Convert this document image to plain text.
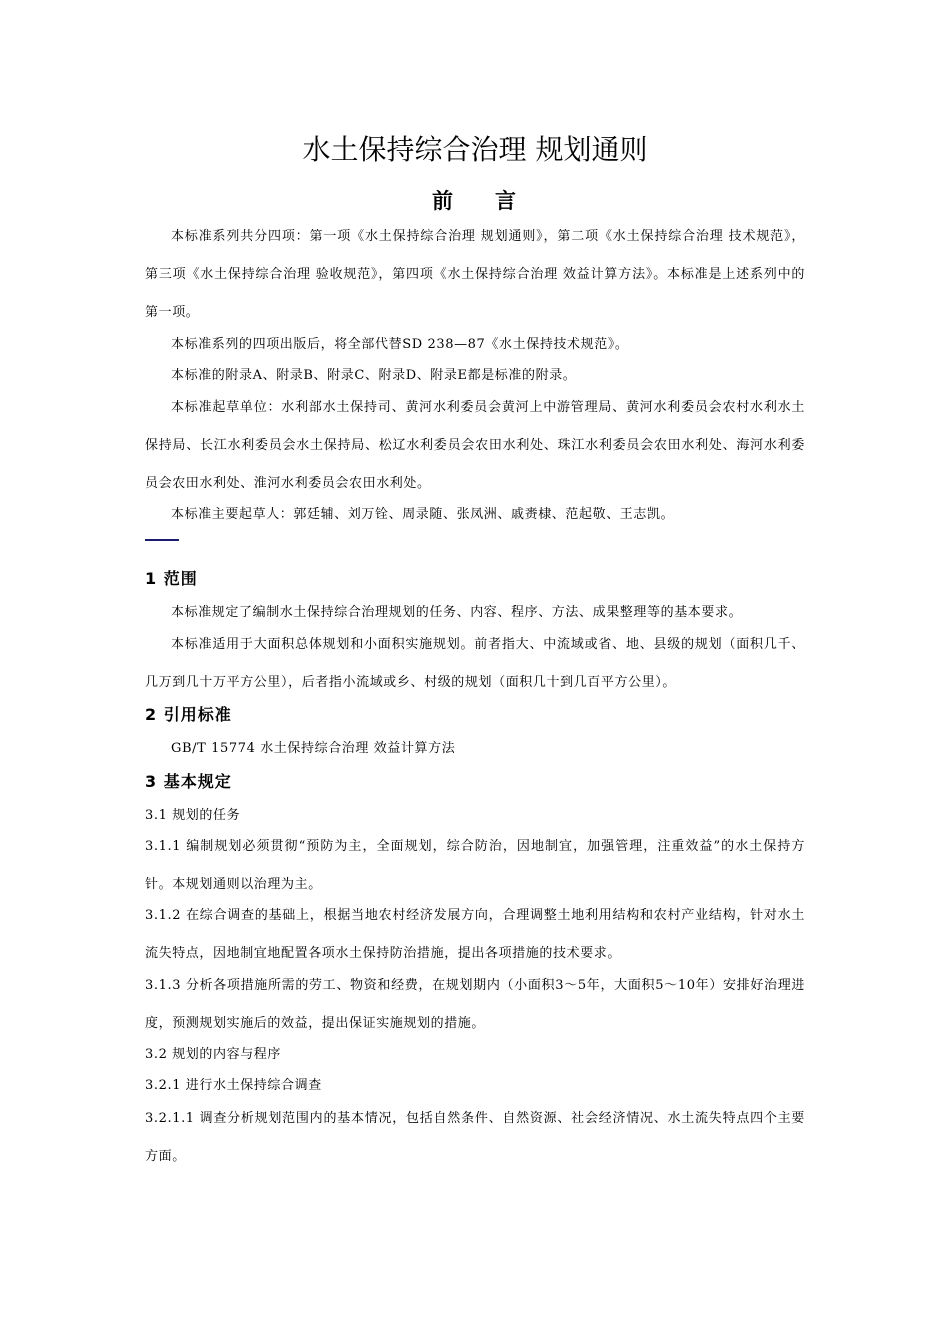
水土保持综合治理 规划通则
前 言

本标准系列共分四项：第一项《水土保持综合治理 规划通则》，第二项《水土保持综合治理 技术规范》，第三项《水土保持综合治理 验收规范》，第四项《水土保持综合治理 效益计算方法》。本标准是上述系列中的第一项。

本标准系列的四项出版后，将全部代替SD 238—87《水土保持技术规范》。

本标准的附录A、附录B、附录C、附录D、附录E都是标准的附录。

本标准起草单位：水利部水土保持司、黄河水利委员会黄河上中游管理局、黄河水利委员会农村水利水土保持局、长江水利委员会水土保持局、松辽水利委员会农田水利处、珠江水利委员会农田水利处、海河水利委员会农田水利处、淮河水利委员会农田水利处。

本标准主要起草人：郭廷辅、刘万铨、周录随、张凤洲、戚赉棣、范起敬、王志凯。

1 范围

本标准规定了编制水土保持综合治理规划的任务、内容、程序、方法、成果整理等的基本要求。

本标准适用于大面积总体规划和小面积实施规划。前者指大、中流域或省、地、县级的规划（面积几千、几万到几十万平方公里），后者指小流域或乡、村级的规划（面积几十到几百平方公里）。

2 引用标准

GB/T 15774 水土保持综合治理 效益计算方法

3 基本规定

3.1 规划的任务

3.1.1 编制规划必须贯彻“预防为主，全面规划，综合防治，因地制宜，加强管理，注重效益”的水土保持方针。本规划通则以治理为主。

3.1.2 在综合调查的基础上，根据当地农村经济发展方向，合理调整土地利用结构和农村产业结构，针对水土流失特点，因地制宜地配置各项水土保持防治措施，提出各项措施的技术要求。

3.1.3 分析各项措施所需的劳工、物资和经费，在规划期内（小面积3～5年，大面积5～10年）安排好治理进度，预测规划实施后的效益，提出保证实施规划的措施。

3.2 规划的内容与程序

3.2.1 进行水土保持综合调查

3.2.1.1 调查分析规划范围内的基本情况，包括自然条件、自然资源、社会经济情况、水土流失特点四个主要方面。
